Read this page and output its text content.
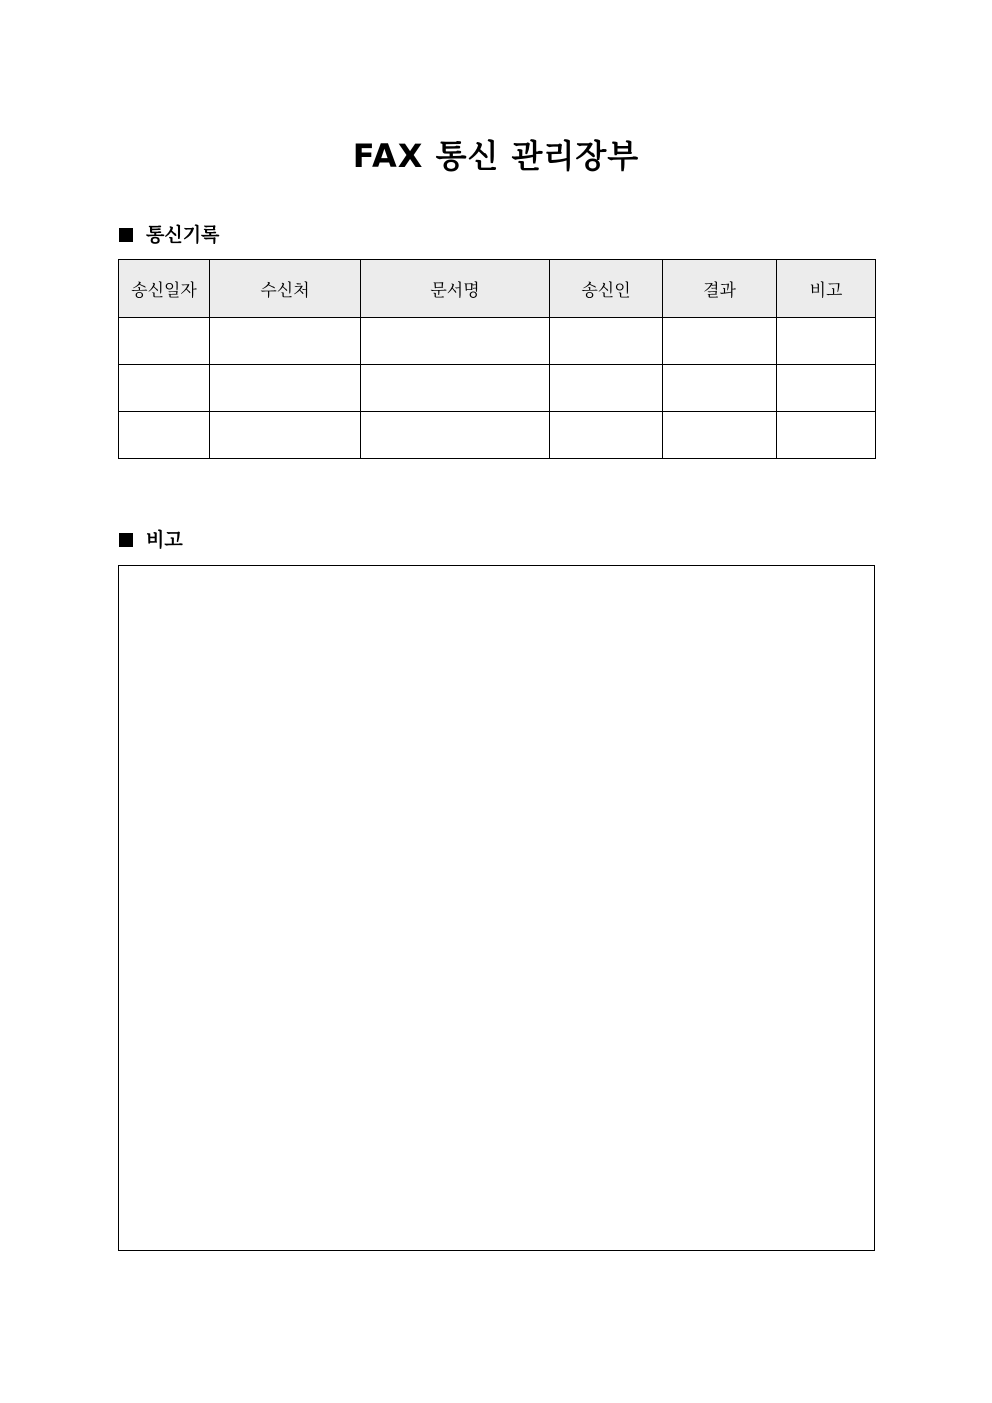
FAX 통신 관리장부
통신기록
송신일자	수신처	문서명	송신인	결과	비고

비고
